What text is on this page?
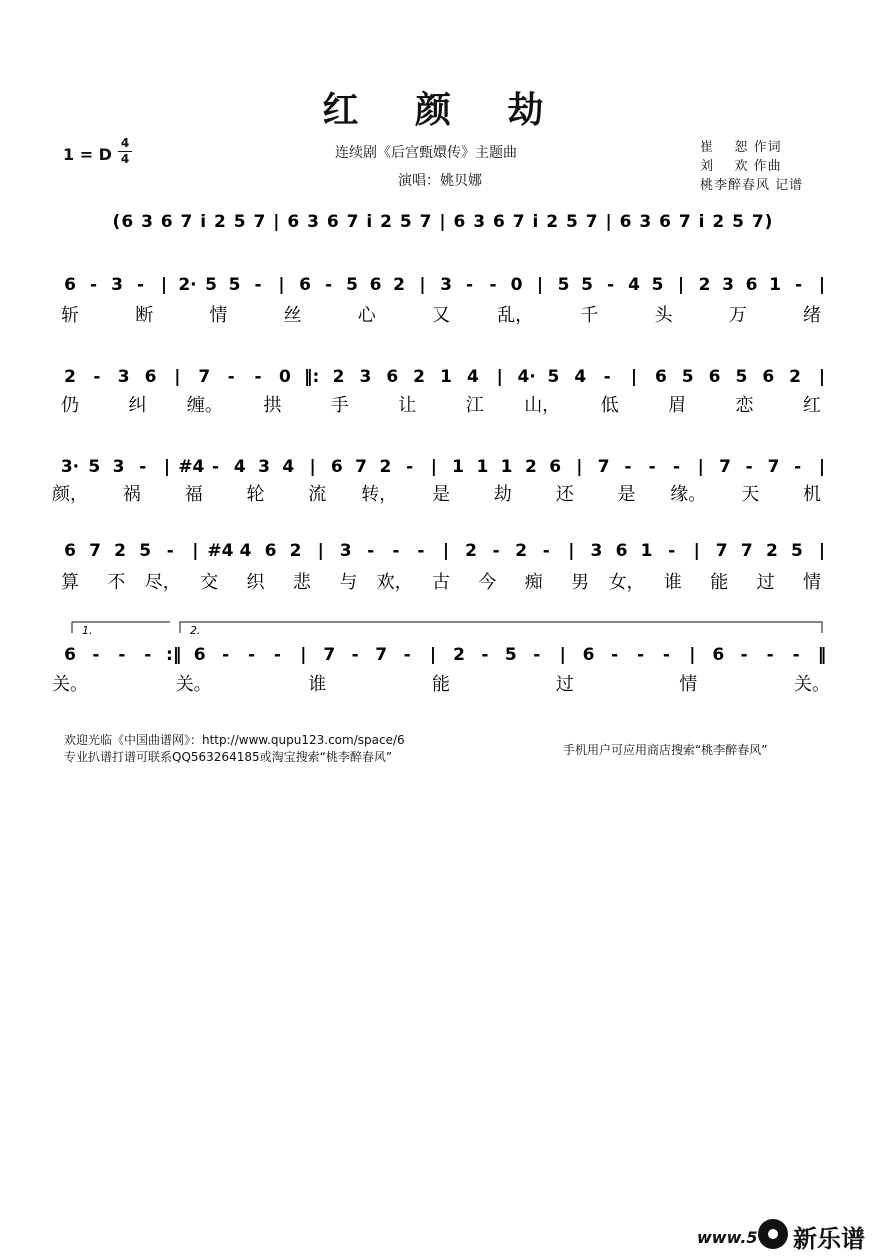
红 颜 劫
连续剧《后宫甄嬛传》主题曲
演唱：姚贝娜
崔    恕 作词
刘    欢 作曲
桃李醉春风 记谱
1 = D
4
4
(6 3 6 7 i 2 5 7 | 6 3 6 7 i 2 5 7 | 6 3 6 7 i 2 5 7 | 6 3 6 7 i 2 5 7)
6 - 3 - | 2· 5 5 - | 6 - 5 6 2 | 3 - - 0 | 5 5 - 4 5 | 2 3 6 1 - |
斩	断	情	丝	心	又	乱，	千	头	万	绪
2 - 3 6 | 7 - - 0 ‖: 2 3 6 2 1 4 | 4· 5 4 - | 6 5 6 5 6 2 |
仍	纠 缠。 拱	手	让	江 山， 低	眉	恋	红
3· 5 3 - | #4 - 4 3 4 | 6 7 2 - | 1 1 1 2 6 | 7 - - - | 7 - 7 - |
颜， 祸 福 轮 流 转， 是 劫 还 是 缘。 天 机
6 7 2 5 - | #4 4 6 2 | 3 - - - | 2 - 2 - | 3 6 1 - | 7 7 2 5 |
算 不 尽， 交 织 悲 与 欢， 古 今 痴 男 女， 谁 能 过 情
6 - - - :‖ 6 - - - | 7 - 7 - | 2 - 5 - | 6 - - - | 6 - - - ‖
关。	关。	谁	能	过	情	关。
1.	2.
欢迎光临《中国曲谱网》：http://www.qupu123.com/space/6
专业扒谱打谱可联系QQ563264185或淘宝搜索“桃李醉春风”	手机用户可应用商店搜索“桃李醉春风”
www.5 新乐谱
